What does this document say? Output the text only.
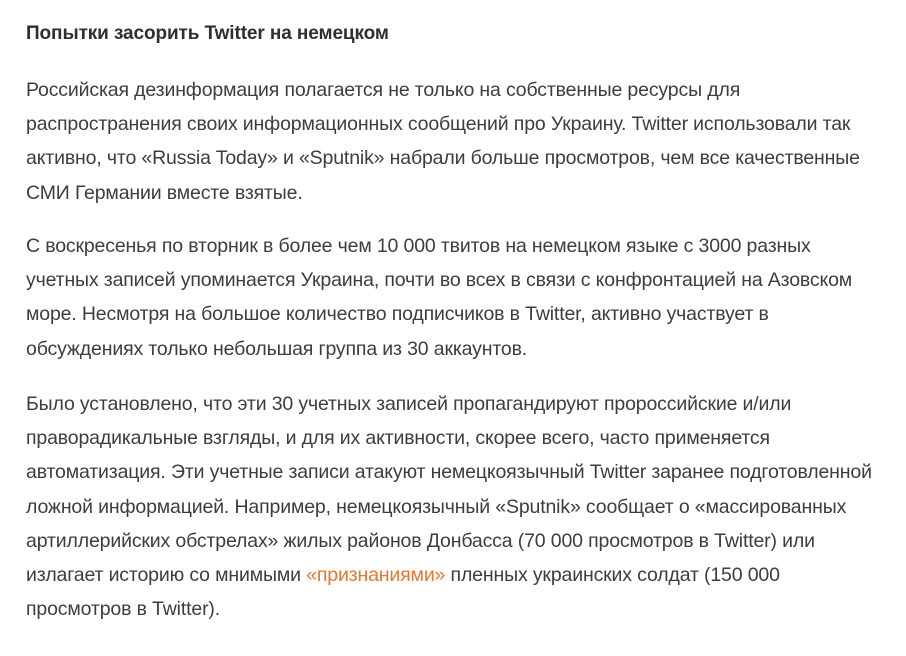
Попытки засорить Twitter на немецком

Российская дезинформация полагается не только на собственные ресурсы для распространения своих информационных сообщений про Украину. Twitter использовали так активно, что «Russia Today» и «Sputnik» набрали больше просмотров, чем все качественные СМИ Германии вместе взятые.

С воскресенья по вторник в более чем 10 000 твитов на немецком языке с 3000 разных учетных записей упоминается Украина, почти во всех в связи с конфронтацией на Азовском море. Несмотря на большое количество подписчиков в Twitter, активно участвует в обсуждениях только небольшая группа из 30 аккаунтов.

Было установлено, что эти 30 учетных записей пропагандируют пророссийские и/или праворадикальные взгляды, и для их активности, скорее всего, часто применяется автоматизация. Эти учетные записи атакуют немецкоязычный Twitter заранее подготовленной ложной информацией. Например, немецкоязычный «Sputnik» сообщает о «массированных артиллерийских обстрелах» жилых районов Донбасса (70 000 просмотров в Twitter) или излагает историю со мнимыми «признаниями» пленных украинских солдат (150 000 просмотров в Twitter).
